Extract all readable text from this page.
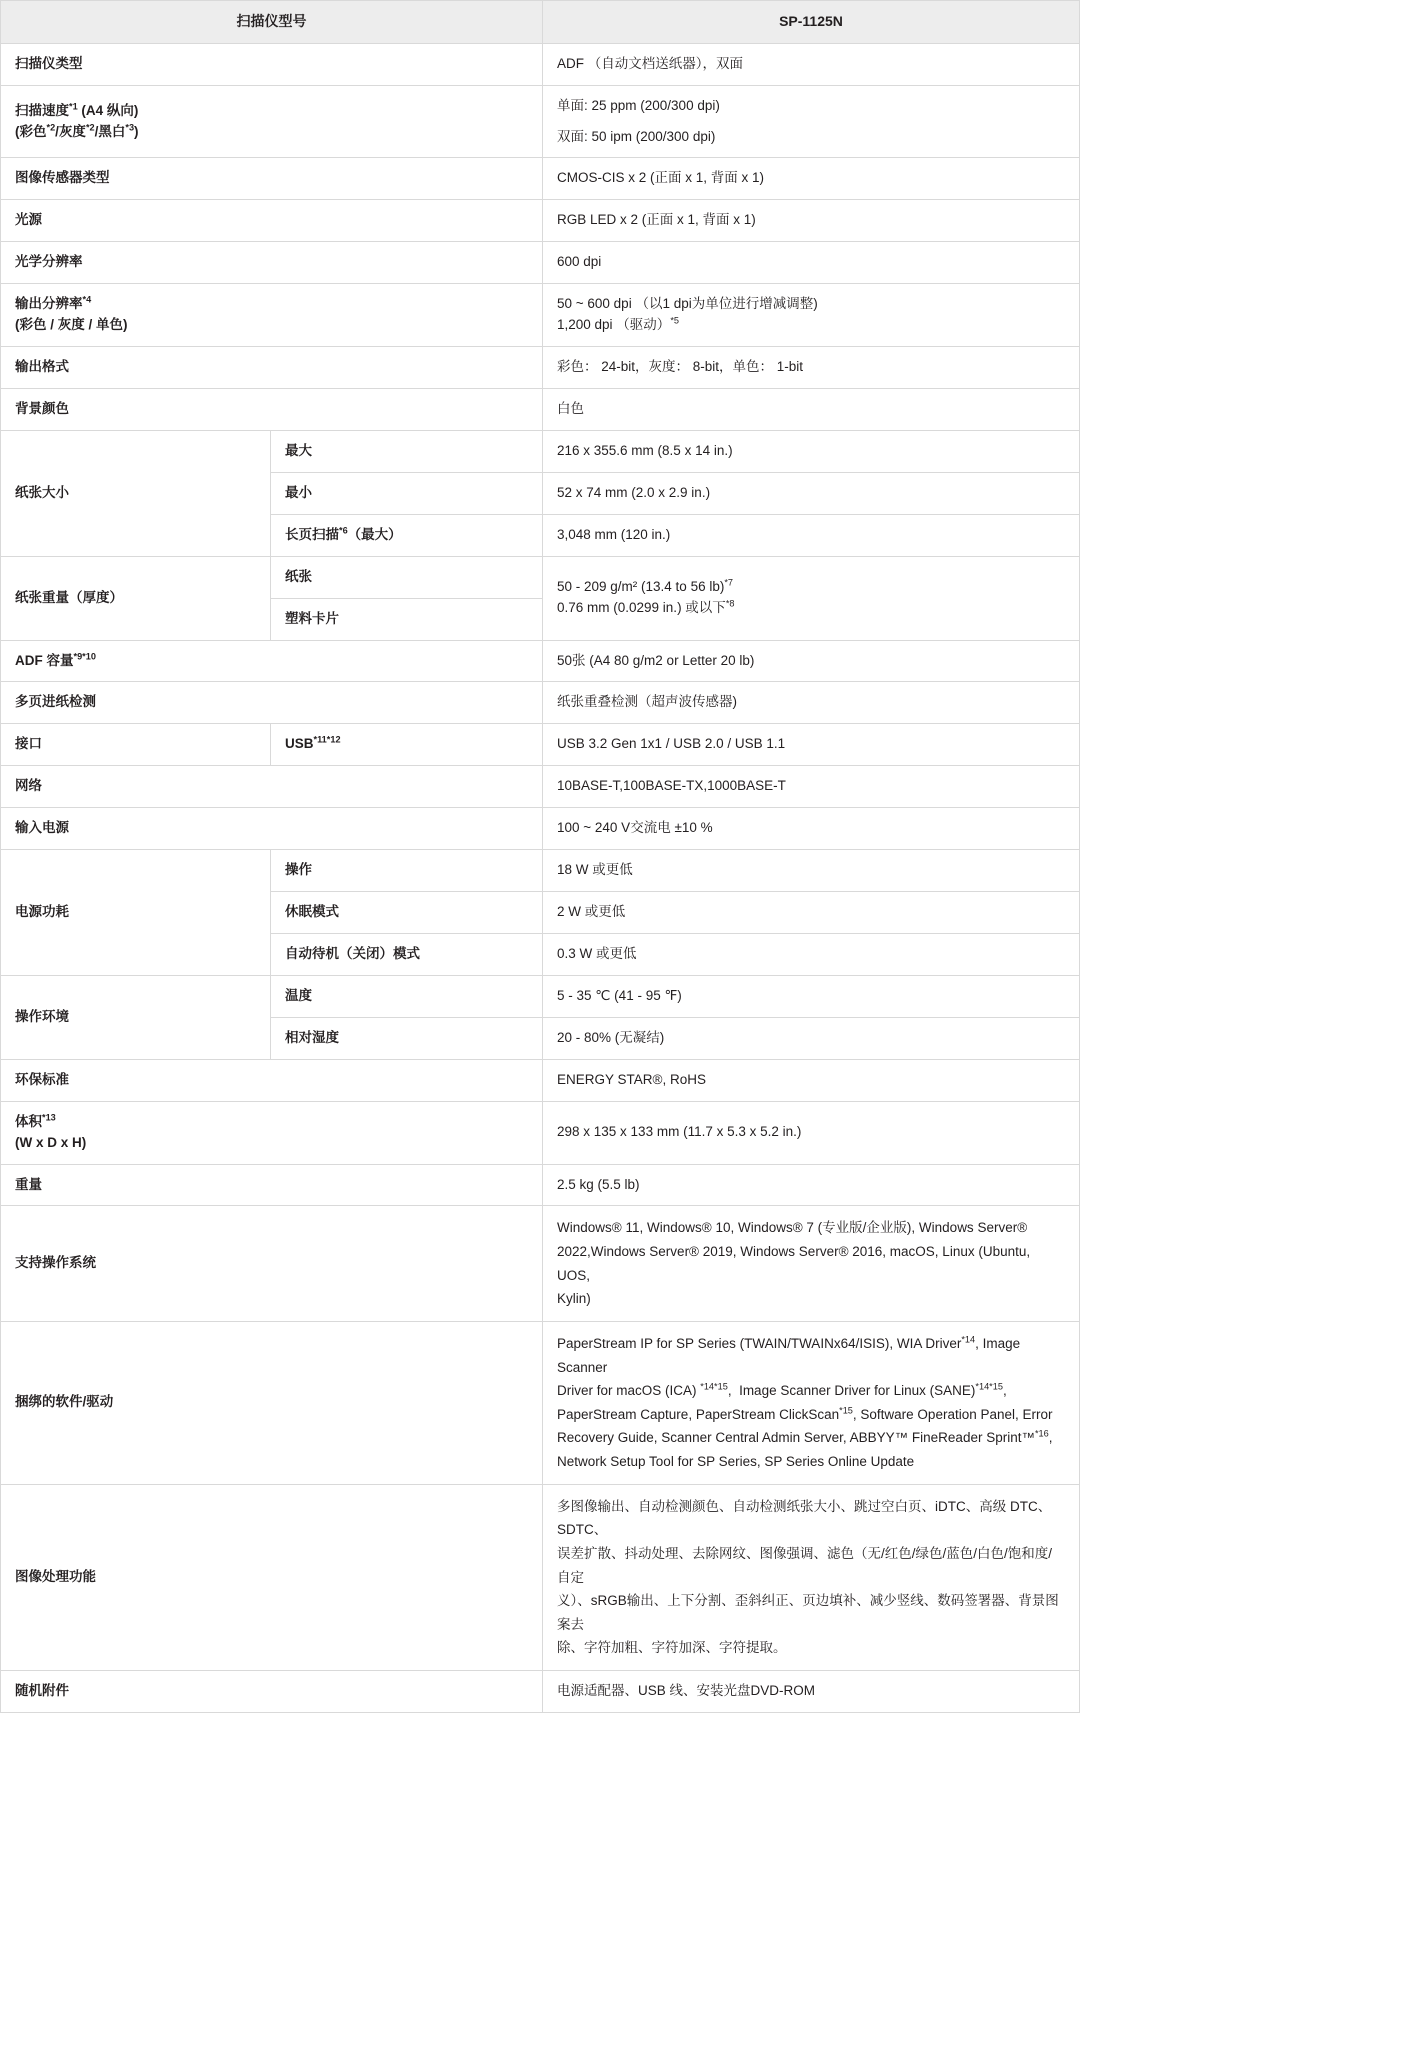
扫描仪型号		SP-1125N
扫描仪类型		ADF （自动文档送纸器），双面

扫描速度$^{*1}$ (A4 纵向)
(彩色$^{*2}$/灰度$^{*2}$/黑白$^{*3}$)		单面: 25 ppm (200/300 dpi)
双面: 50 ipm (200/300 dpi)

图像传感器类型		CMOS-CIS x 2 (正面 x 1, 背面 x 1)
光源		RGB LED x 2 (正面 x 1, 背面 x 1)
光学分辨率		600 dpi

输出分辨率$^{*4}$
(彩色 / 灰度 / 单色)		50 ~ 600 dpi （以1 dpi为单位进行增减调整)
1,200 dpi （驱动）$^{*5}$

输出格式		彩色： 24-bit，灰度： 8-bit，单色： 1-bit
背景颜色		白色
纸张大小	最大	216 x 355.6 mm (8.5 x 14 in.)
	最小	52 x 74 mm (2.0 x 2.9 in.)
	长页扫描$^{*6}$（最大）	3,048 mm (120 in.)
纸张重量（厚度）	纸张	50 - 209 g/m² (13.4 to 56 lb)$^{*7}$
0.76 mm (0.0299 in.) 或以下$^{*8}$

	塑料卡片	
ADF 容量$^{*9*10}$		50张 (A4 80 g/m2 or Letter 20 lb)
多页进纸检测		纸张重叠检测（超声波传感器)
接口	$USB^{*11*12}$	USB 3.2 Gen 1x1 / USB 2.0 / USB 1.1
网络		10BASE-T,100BASE-TX,1000BASE-T
输入电源		100 ~ 240 V交流电 ±10 %
电源功耗	操作	18 W 或更低
	休眠模式	2 W 或更低
	自动待机（关闭）模式	0.3 W 或更低
操作环境	温度	5 - 35 ℃ (41 - 95 ℉)
	相对湿度	20 - 80% (无凝结)
环保标准		ENERGY STAR®, RoHS

体积$^{*13}$
(W x D x H)		298 x 135 x 133 mm (11.7 x 5.3 x 5.2 in.)
重量		2.5 kg (5.5 lb)
支持操作系统		Windows® 11, Windows® 10, Windows® 7 (专业版/企业版), Windows Server®
2022,Windows Server® 2019, Windows Server® 2016, macOS, Linux (Ubuntu, UOS,
Kylin)

捆绑的软件/驱动		PaperStream IP for SP Series (TWAIN/TWAINx64/ISIS), WIA Driver$^{*14}$, Image Scanner
Driver for macOS (ICA) $^{*14*15}$,  Image Scanner Driver for Linux (SANE)$^{*14*15}$,
PaperStream Capture, PaperStream ClickScan$^{*15}$, Software Operation Panel, Error
Recovery Guide, Scanner Central Admin Server, ABBYY™ FineReader Sprint™$^{*16}$,
Network Setup Tool for SP Series, SP Series Online Update

图像处理功能		多图像输出、自动检测颜色、自动检测纸张大小、跳过空白页、iDTC、高级 DTC、SDTC、
误差扩散、抖动处理、去除网纹、图像强调、滤色（无/红色/绿色/蓝色/白色/饱和度/自定
义）、sRGB输出、上下分割、歪斜纠正、页边填补、减少竖线、数码签署器、背景图案去
除、字符加粗、字符加深、字符提取。

随机附件		电源适配器、USB 线、安装光盘DVD-ROM
